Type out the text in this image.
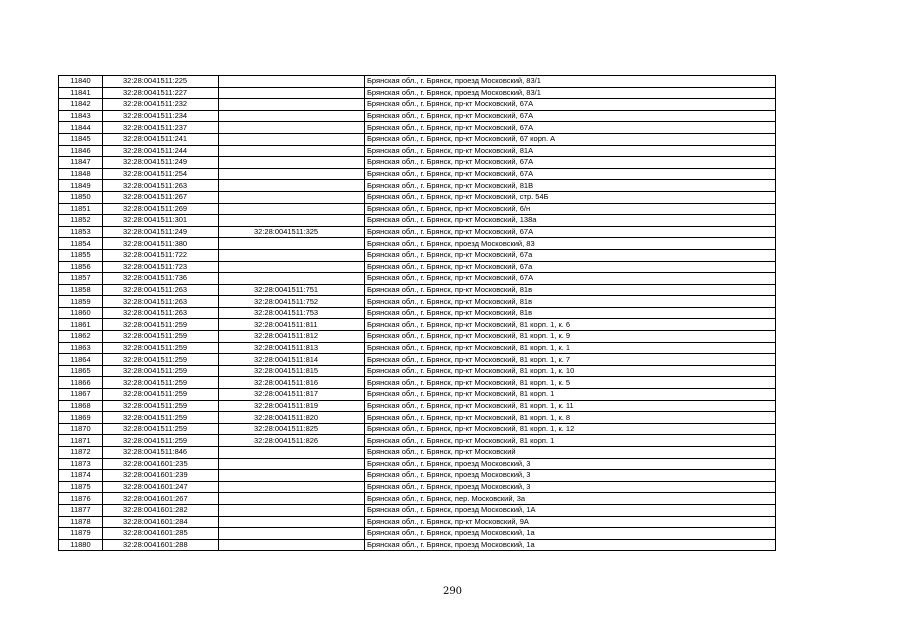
11840	32:28:0041511:225		Брянская обл., г. Брянск, проезд Московский, 83/1
11841	32:28:0041511:227		Брянская обл., г. Брянск, проезд Московский, 83/1
11842	32:28:0041511:232		Брянская обл., г. Брянск, пр-кт Московский, 67А
11843	32:28:0041511:234		Брянская обл., г. Брянск, пр-кт Московский, 67А
11844	32:28:0041511:237		Брянская обл., г. Брянск, пр-кт Московский, 67А
11845	32:28:0041511:241		Брянская обл., г. Брянск, пр-кт Московский, 67 корп. А
11846	32:28:0041511:244		Брянская обл., г. Брянск, пр-кт Московский, 81А
11847	32:28:0041511:249		Брянская обл., г. Брянск, пр-кт Московский, 67А
11848	32:28:0041511:254		Брянская обл., г. Брянск, пр-кт Московский, 67А
11849	32:28:0041511:263		Брянская обл., г. Брянск, пр-кт Московский, 81В
11850	32:28:0041511:267		Брянская обл., г. Брянск, пр-кт Московский, стр. 54Б
11851	32:28:0041511:269		Брянская обл., г. Брянск, пр-кт Московский, 6/н
11852	32:28:0041511:301		Брянская обл., г. Брянск, пр-кт Московский, 138а
11853	32:28:0041511:249	32:28:0041511:325	Брянская обл., г. Брянск, пр-кт Московский, 67А
11854	32:28:0041511:380		Брянская обл., г. Брянск, проезд Московский, 83
11855	32:28:0041511:722		Брянская обл., г. Брянск, пр-кт Московский, 67а
11856	32:28:0041511:723		Брянская обл., г. Брянск, пр-кт Московский, 67а
11857	32:28:0041511:736		Брянская обл., г. Брянск, пр-кт Московский, 67А
11858	32:28:0041511:263	32:28:0041511:751	Брянская обл., г. Брянск, пр-кт Московский, 81в
11859	32:28:0041511:263	32:28:0041511:752	Брянская обл., г. Брянск, пр-кт Московский, 81в
11860	32:28:0041511:263	32:28:0041511:753	Брянская обл., г. Брянск, пр-кт Московский, 81в
11861	32:28:0041511:259	32:28:0041511:811	Брянская обл., г. Брянск, пр-кт Московский, 81 корп. 1, к. 6
11862	32:28:0041511:259	32:28:0041511:812	Брянская обл., г. Брянск, пр-кт Московский, 81 корп. 1, к. 9
11863	32:28:0041511:259	32:28:0041511:813	Брянская обл., г. Брянск, пр-кт Московский, 81 корп. 1, к. 1
11864	32:28:0041511:259	32:28:0041511:814	Брянская обл., г. Брянск, пр-кт Московский, 81 корп. 1, к. 7
11865	32:28:0041511:259	32:28:0041511:815	Брянская обл., г. Брянск, пр-кт Московский, 81 корп. 1, к. 10
11866	32:28:0041511:259	32:28:0041511:816	Брянская обл., г. Брянск, пр-кт Московский, 81 корп. 1, к. 5
11867	32:28:0041511:259	32:28:0041511:817	Брянская обл., г. Брянск, пр-кт Московский, 81 корп. 1
11868	32:28:0041511:259	32:28:0041511:819	Брянская обл., г. Брянск, пр-кт Московский, 81 корп. 1, к. 11
11869	32:28:0041511:259	32:28:0041511:820	Брянская обл., г. Брянск, пр-кт Московский, 81 корп. 1, к. 8
11870	32:28:0041511:259	32:28:0041511:825	Брянская обл., г. Брянск, пр-кт Московский, 81 корп. 1, к. 12
11871	32:28:0041511:259	32:28:0041511:826	Брянская обл., г. Брянск, пр-кт Московский, 81 корп. 1
11872	32:28:0041511:846		Брянская обл., г. Брянск, пр-кт Московский
11873	32:28:0041601:235		Брянская обл., г. Брянск, проезд Московский, 3
11874	32:28:0041601:239		Брянская обл., г. Брянск, проезд Московский, 3
11875	32:28:0041601:247		Брянская обл., г. Брянск, проезд Московский, 3
11876	32:28:0041601:267		Брянская обл., г. Брянск, пер. Московский, 3а
11877	32:28:0041601:282		Брянская обл., г. Брянск, проезд Московский, 1А
11878	32:28:0041601:284		Брянская обл., г. Брянск, пр-кт Московский, 9А
11879	32:28:0041601:285		Брянская обл., г. Брянск, проезд Московский, 1а
11880	32:28:0041601:288		Брянская обл., г. Брянск, проезд Московский, 1а
290
